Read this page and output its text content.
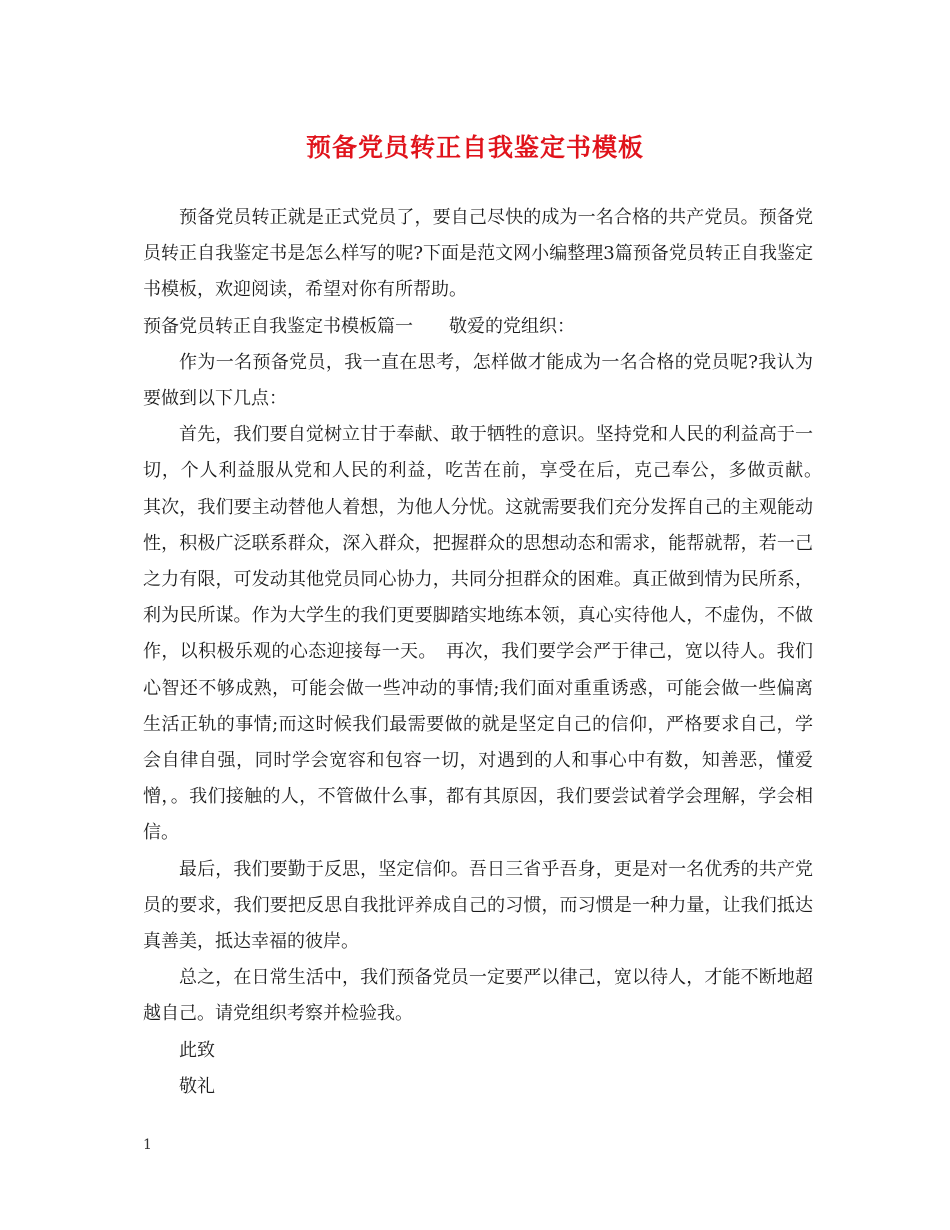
预备党员转正自我鉴定书模板

预备党员转正就是正式党员了，要自己尽快的成为一名合格的共产党员。预备党员转正自我鉴定书是怎么样写的呢?下面是范文网小编整理3篇预备党员转正自我鉴定书模板，欢迎阅读，希望对你有所帮助。

预备党员转正自我鉴定书模板篇一　　敬爱的党组织：

作为一名预备党员，我一直在思考，怎样做才能成为一名合格的党员呢?我认为要做到以下几点：

首先，我们要自觉树立甘于奉献、敢于牺牲的意识。坚持党和人民的利益高于一切，个人利益服从党和人民的利益，吃苦在前，享受在后，克己奉公，多做贡献。　其次，我们要主动替他人着想，为他人分忧。这就需要我们充分发挥自己的主观能动性，积极广泛联系群众，深入群众，把握群众的思想动态和需求，能帮就帮，若一己之力有限，可发动其他党员同心协力，共同分担群众的困难。真正做到情为民所系，利为民所谋。作为大学生的我们更要脚踏实地练本领，真心实待他人，不虚伪，不做作，以积极乐观的心态迎接每一天。　再次，我们要学会严于律己，宽以待人。我们心智还不够成熟，可能会做一些冲动的事情;我们面对重重诱惑，可能会做一些偏离生活正轨的事情;而这时候我们最需要做的就是坚定自己的信仰，严格要求自己，学会自律自强，同时学会宽容和包容一切，对遇到的人和事心中有数，知善恶，懂爱憎，。我们接触的人，不管做什么事，都有其原因，我们要尝试着学会理解，学会相信。

最后，我们要勤于反思，坚定信仰。吾日三省乎吾身，更是对一名优秀的共产党员的要求，我们要把反思自我批评养成自己的习惯，而习惯是一种力量，让我们抵达真善美，抵达幸福的彼岸。

总之，在日常生活中，我们预备党员一定要严以律己，宽以待人，才能不断地超越自己。请党组织考察并检验我。

此致

敬礼

1
